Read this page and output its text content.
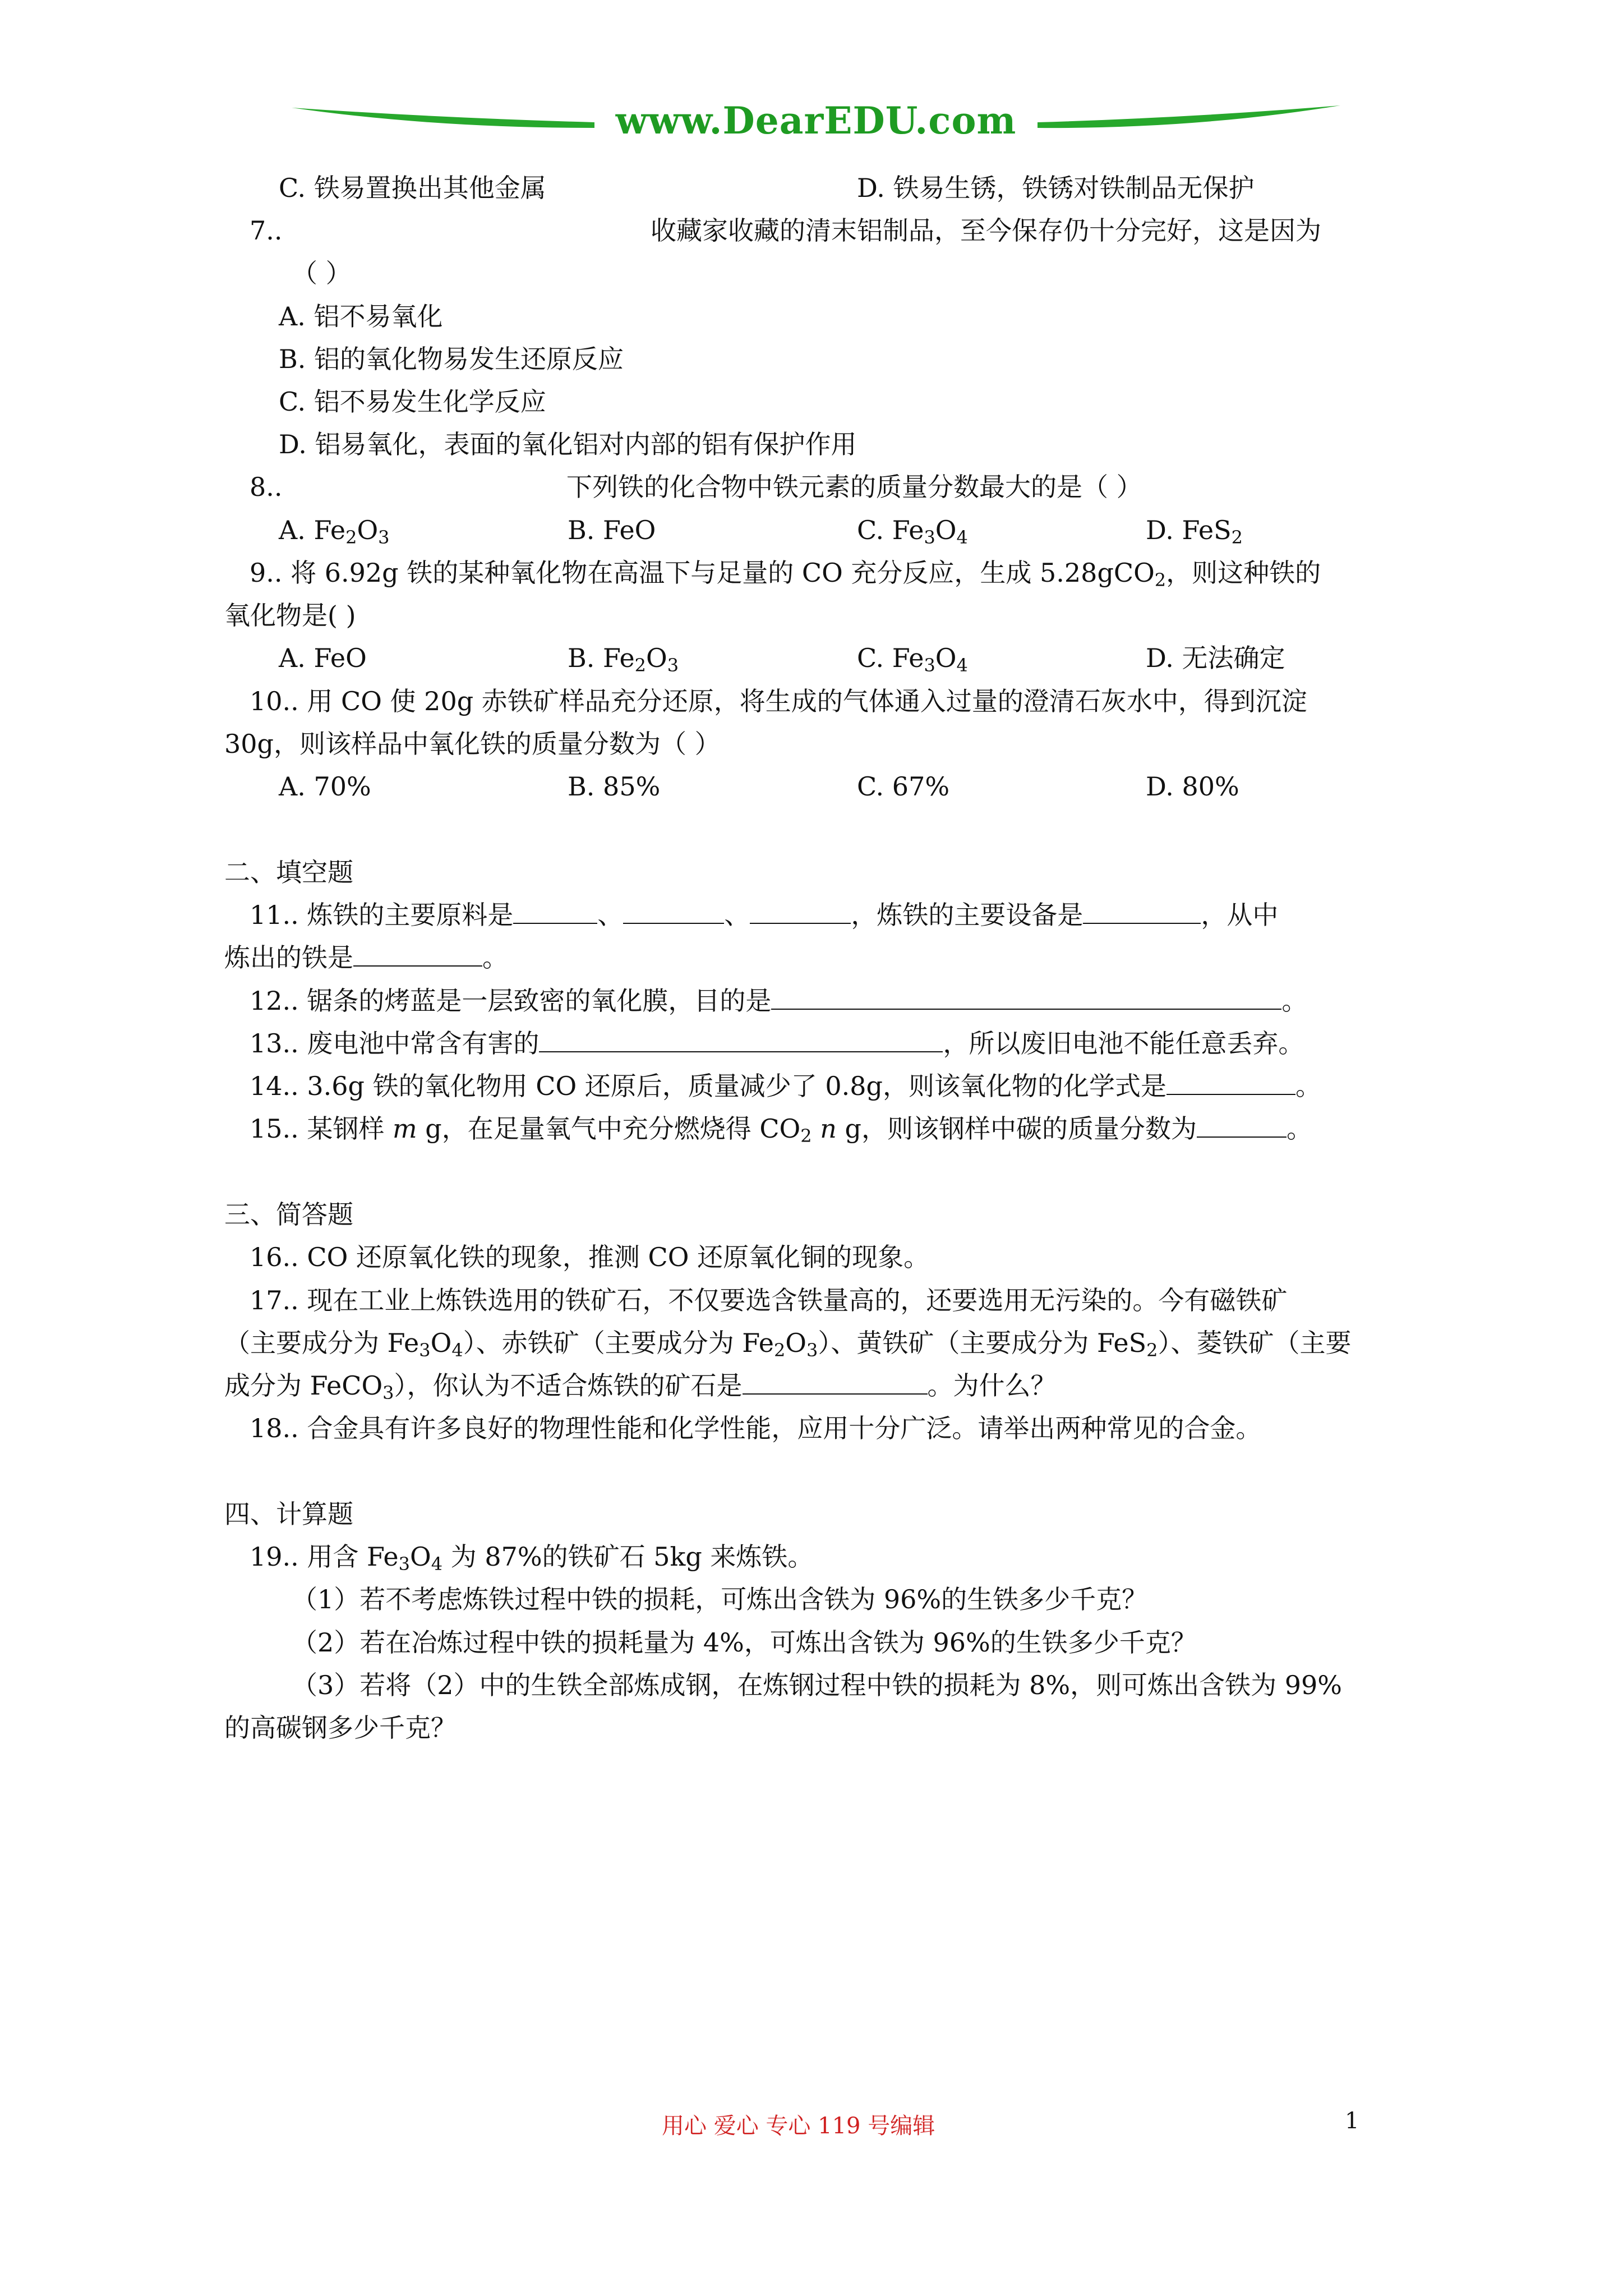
www.DearEDU.com
C. 铁易置换出其他金属	D. 铁易生锈，铁锈对铁制品无保护
7..	收藏家收藏的清末铝制品，至今保存仍十分完好，这是因为
（ ）
A. 铝不易氧化
B. 铝的氧化物易发生还原反应
C. 铝不易发生化学反应
D. 铝易氧化，表面的氧化铝对内部的铝有保护作用
8..	下列铁的化合物中铁元素的质量分数最大的是（ ）
A. $Fe_2O_3$	B. FeO	C. $Fe_3O_4$	D. FeS$_2$
9.. 将 6.92g 铁的某种氧化物在高温下与足量的 CO 充分反应，生成 5.28gCO$_2$，则这种铁的
氧化物是( )
A. FeO	B. $Fe_2O_3$	C. $Fe_3O_4$	D. 无法确定
10.. 用 CO 使 20g 赤铁矿样品充分还原，将生成的气体通入过量的澄清石灰水中，得到沉淀
30g，则该样品中氧化铁的质量分数为（ ）
A. 70%	B. 85%	C. 67%	D. 80%
二、填空题
11.. 炼铁的主要原料是	、	、	，炼铁的主要设备是	，从中
炼出的铁是	。
12.. 锯条的烤蓝是一层致密的氧化膜，目的是	。
13.. 废电池中常含有害的	，所以废旧电池不能任意丢弃。
14.. 3.6g 铁的氧化物用 CO 还原后，质量减少了 0.8g，则该氧化物的化学式是	。
15.. 某钢样 m g，在足量氧气中充分燃烧得 $CO_2$ n g，则该钢样中碳的质量分数为	。
三、简答题
16.. CO 还原氧化铁的现象，推测 CO 还原氧化铜的现象。
17.. 现在工业上炼铁选用的铁矿石，不仅要选含铁量高的，还要选用无污染的。今有磁铁矿
（主要成分为 $Fe_3O_4$）、赤铁矿（主要成分为 $Fe_2O_3$）、黄铁矿（主要成分为 FeS$_2$）、菱铁矿（主要
成分为 FeCO$_3$），你认为不适合炼铁的矿石是	。为什么？
18.. 合金具有许多良好的物理性能和化学性能，应用十分广泛。请举出两种常见的合金。
四、计算题
19.. 用含 $Fe_3O_4$ 为 87%的铁矿石 5kg 来炼铁。
（1）若不考虑炼铁过程中铁的损耗，可炼出含铁为 96%的生铁多少千克？
（2）若在冶炼过程中铁的损耗量为 4%，可炼出含铁为 96%的生铁多少千克？
（3）若将（2）中的生铁全部炼成钢，在炼钢过程中铁的损耗为 8%，则可炼出含铁为 99%
的高碳钢多少千克？
用心 爱心 专心 119 号编辑	1
